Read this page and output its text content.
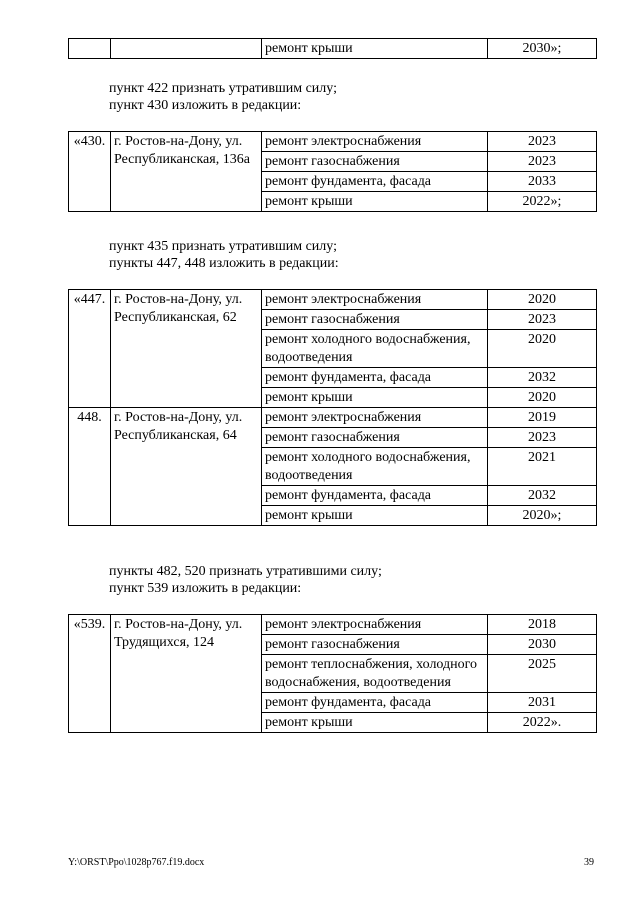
		ремонт крыши	2030»;
пункт 422 признать утратившим силу;
пункт 430 изложить в редакции:
«430.	г. Ростов-на-Дону, ул. Республиканская, 136а	ремонт электроснабжения	2023
		ремонт газоснабжения	2023
		ремонт фундамента, фасада	2033
		ремонт крыши	2022»;
пункт 435 признать утратившим силу;
пункты 447, 448 изложить в редакции:
«447.	г. Ростов-на-Дону, ул. Республиканская, 62	ремонт электроснабжения	2020
		ремонт газоснабжения	2023
		ремонт холодного водоснабжения, водоотведения	2020
		ремонт фундамента, фасада	2032
		ремонт крыши	2020
448.	г. Ростов-на-Дону, ул. Республиканская, 64	ремонт электроснабжения	2019
		ремонт газоснабжения	2023
		ремонт холодного водоснабжения, водоотведения	2021
		ремонт фундамента, фасада	2032
		ремонт крыши	2020»;
пункты 482, 520 признать утратившими силу;
пункт 539 изложить в редакции:
«539.	г. Ростов-на-Дону, ул. Трудящихся, 124	ремонт электроснабжения	2018
		ремонт газоснабжения	2030
		ремонт теплоснабжения, холодного водоснабжения, водоотведения	2025
		ремонт фундамента, фасада	2031
		ремонт крыши	2022».
Y:\ORST\Ppo\1028p767.f19.docx	39
